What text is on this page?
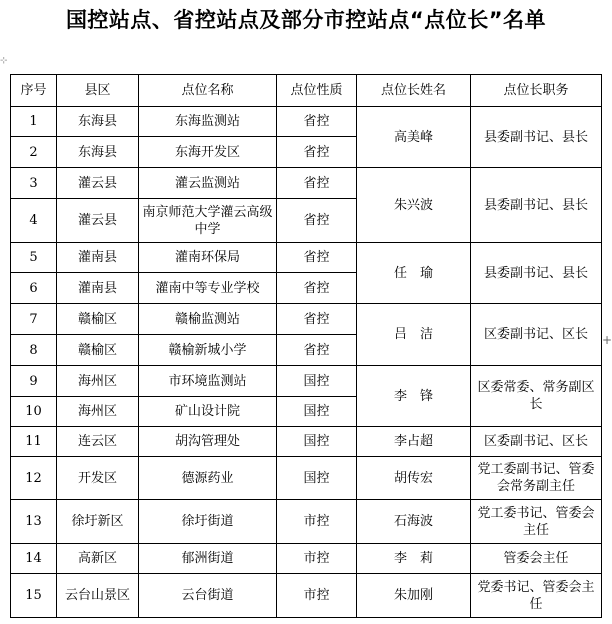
国控站点、省控站点及部分市控站点“点位长”名单
⊹
+
序号	县区	点位名称	点位性质	点位长姓名	点位长职务
1	东海县	东海监测站	省控	高美峰	县委副书记、县长
2	东海县	东海开发区	省控		
3	灌云县	灌云监测站	省控	朱兴波	县委副书记、县长
4	灌云县	南京师范大学灌云高级中学	省控		
5	灌南县	灌南环保局	省控	任　瑜	县委副书记、县长
6	灌南县	灌南中等专业学校	省控		
7	赣榆区	赣榆监测站	省控	吕　洁	区委副书记、区长
8	赣榆区	赣榆新城小学	省控		
9	海州区	市环境监测站	国控	李　锋	区委常委、常务副区长
10	海州区	矿山设计院	国控		
11	连云区	胡沟管理处	国控	李占超	区委副书记、区长
12	开发区	德源药业	国控	胡传宏	党工委副书记、管委会常务副主任
13	徐圩新区	徐圩街道	市控	石海波	党工委书记、管委会主任
14	高新区	郁洲街道	市控	李　莉	管委会主任
15	云台山景区	云台街道	市控	朱加刚	党委书记、管委会主任
